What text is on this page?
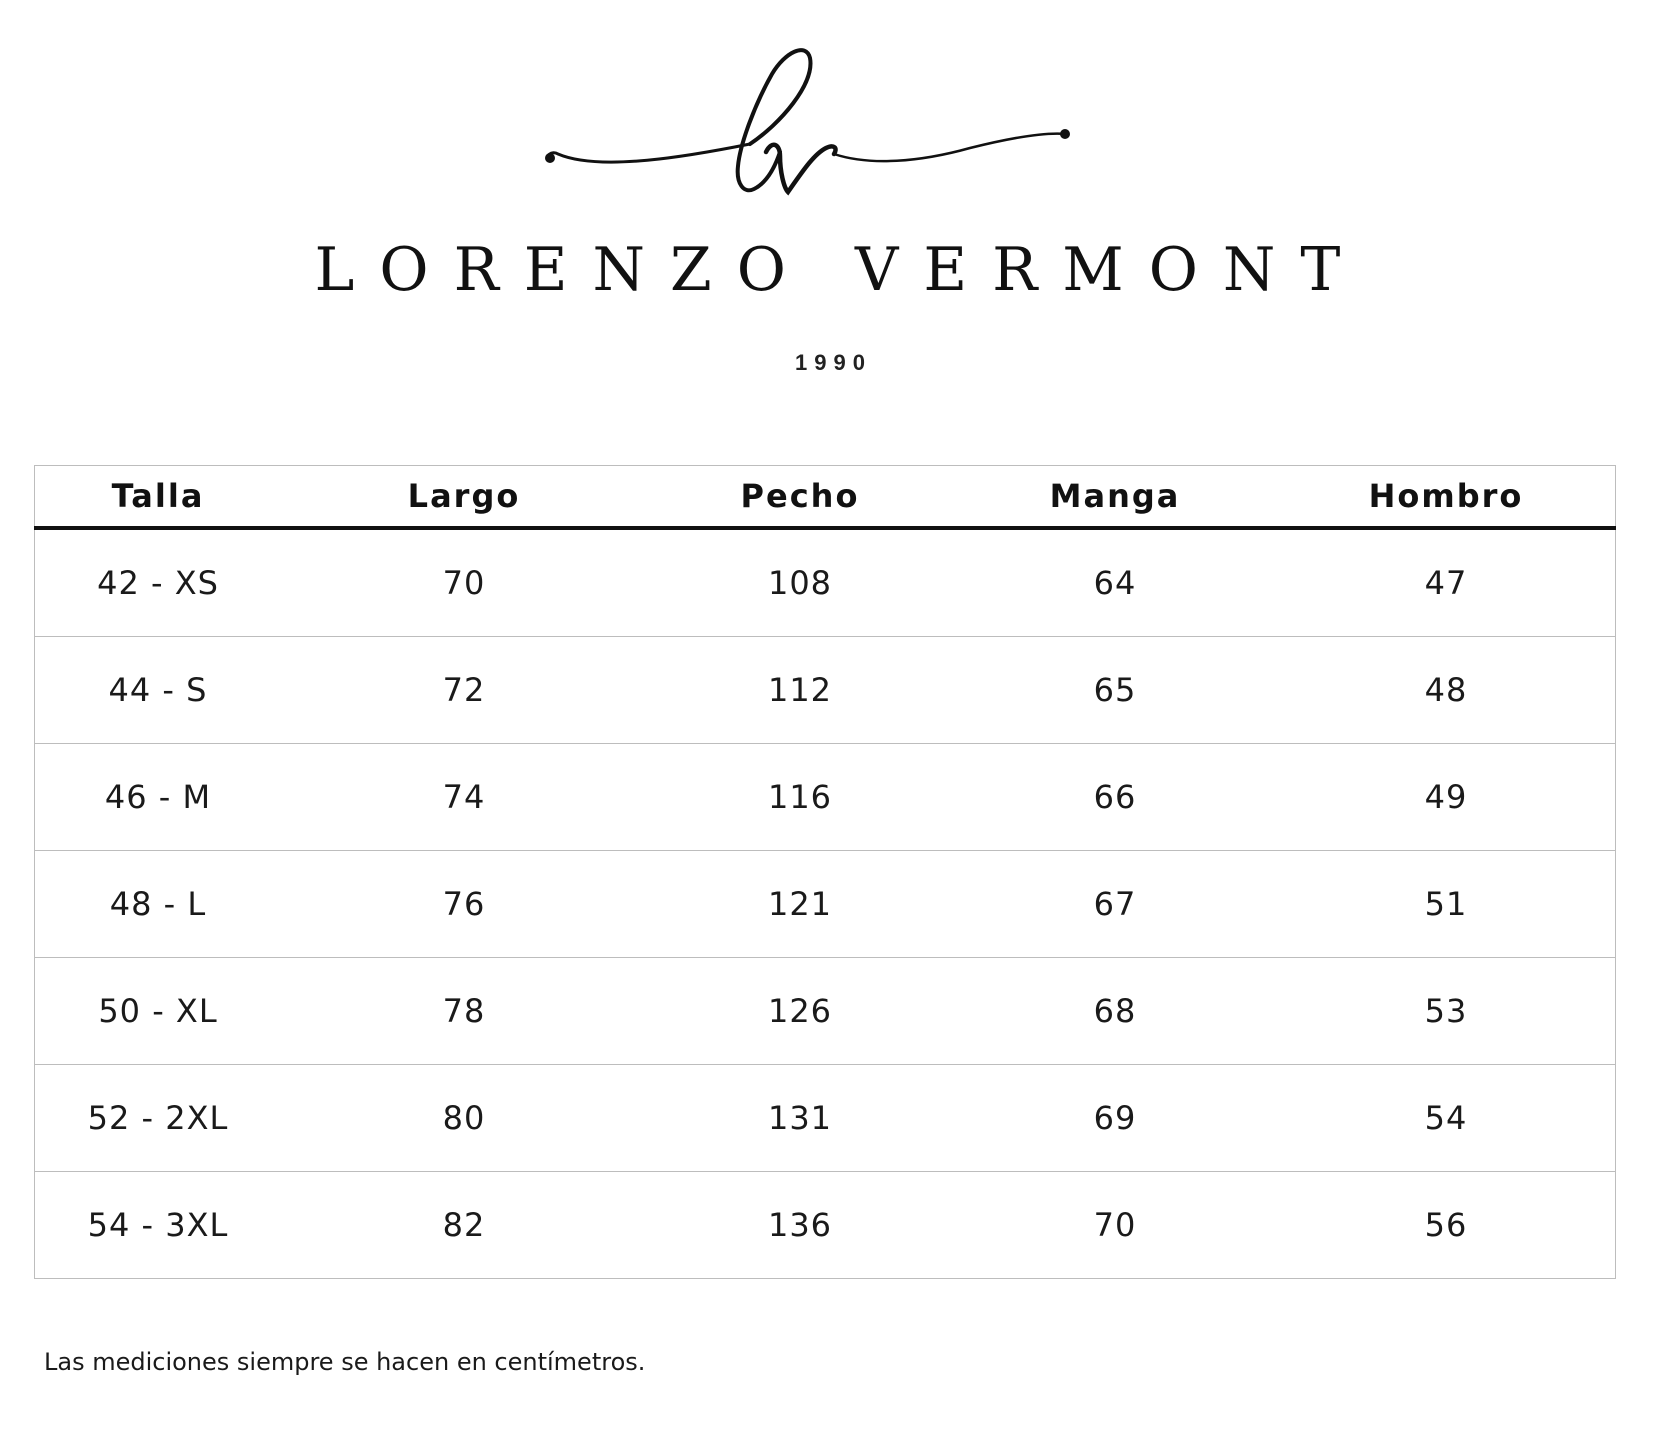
LORENZO VERMONT
1990
Talla	Largo	Pecho	Manga	Hombro
42 - XS	70	108	64	47
44 - S	72	112	65	48
46 - M	74	116	66	49
48 - L	76	121	67	51
50 - XL	78	126	68	53
52 - 2XL	80	131	69	54
54 - 3XL	82	136	70	56
Las mediciones siempre se hacen en centímetros.
